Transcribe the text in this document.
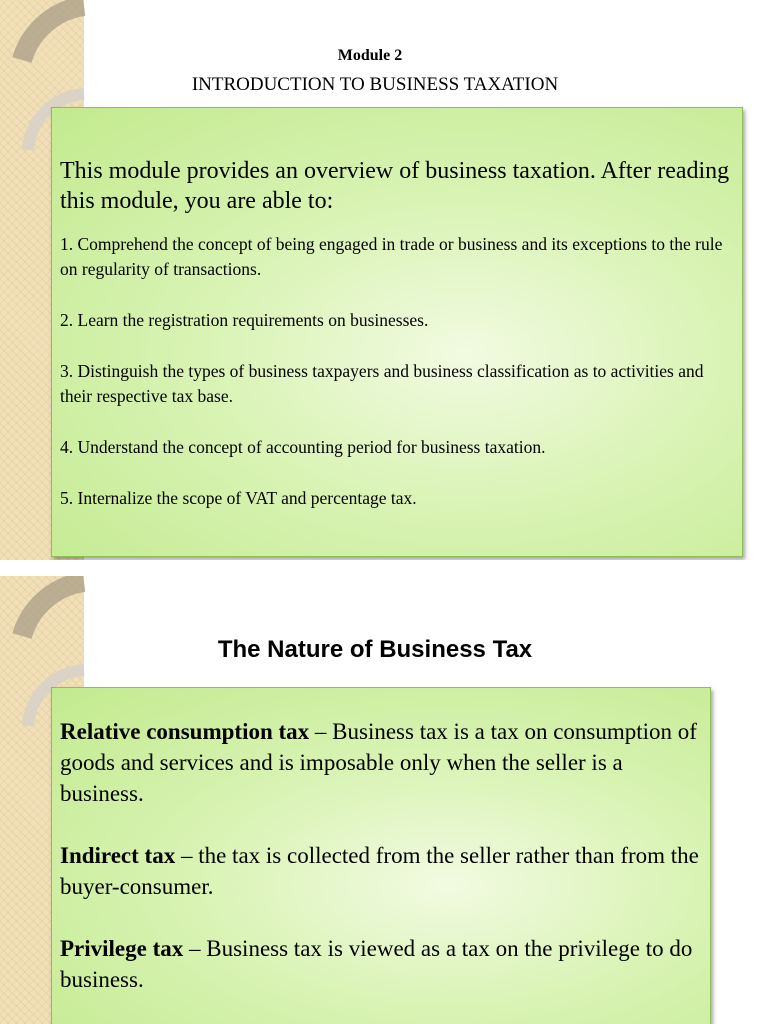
Module 2
INTRODUCTION TO BUSINESS TAXATION

This module provides an overview of business taxation. After reading this module, you are able to:

1. Comprehend the concept of being engaged in trade or business and its exceptions to the rule on regularity of transactions.

2. Learn the registration requirements on businesses.

3. Distinguish the types of business taxpayers and business classification as to activities and their respective tax base.

4. Understand the concept of accounting period for business taxation.

5. Internalize the scope of VAT and percentage tax.

The Nature of Business Tax

Relative consumption tax – Business tax is a tax on consumption of goods and services and is imposable only when the seller is a business.

Indirect tax – the tax is collected from the seller rather than from the buyer-consumer.

Privilege tax – Business tax is viewed as a tax on the privilege to do business.
